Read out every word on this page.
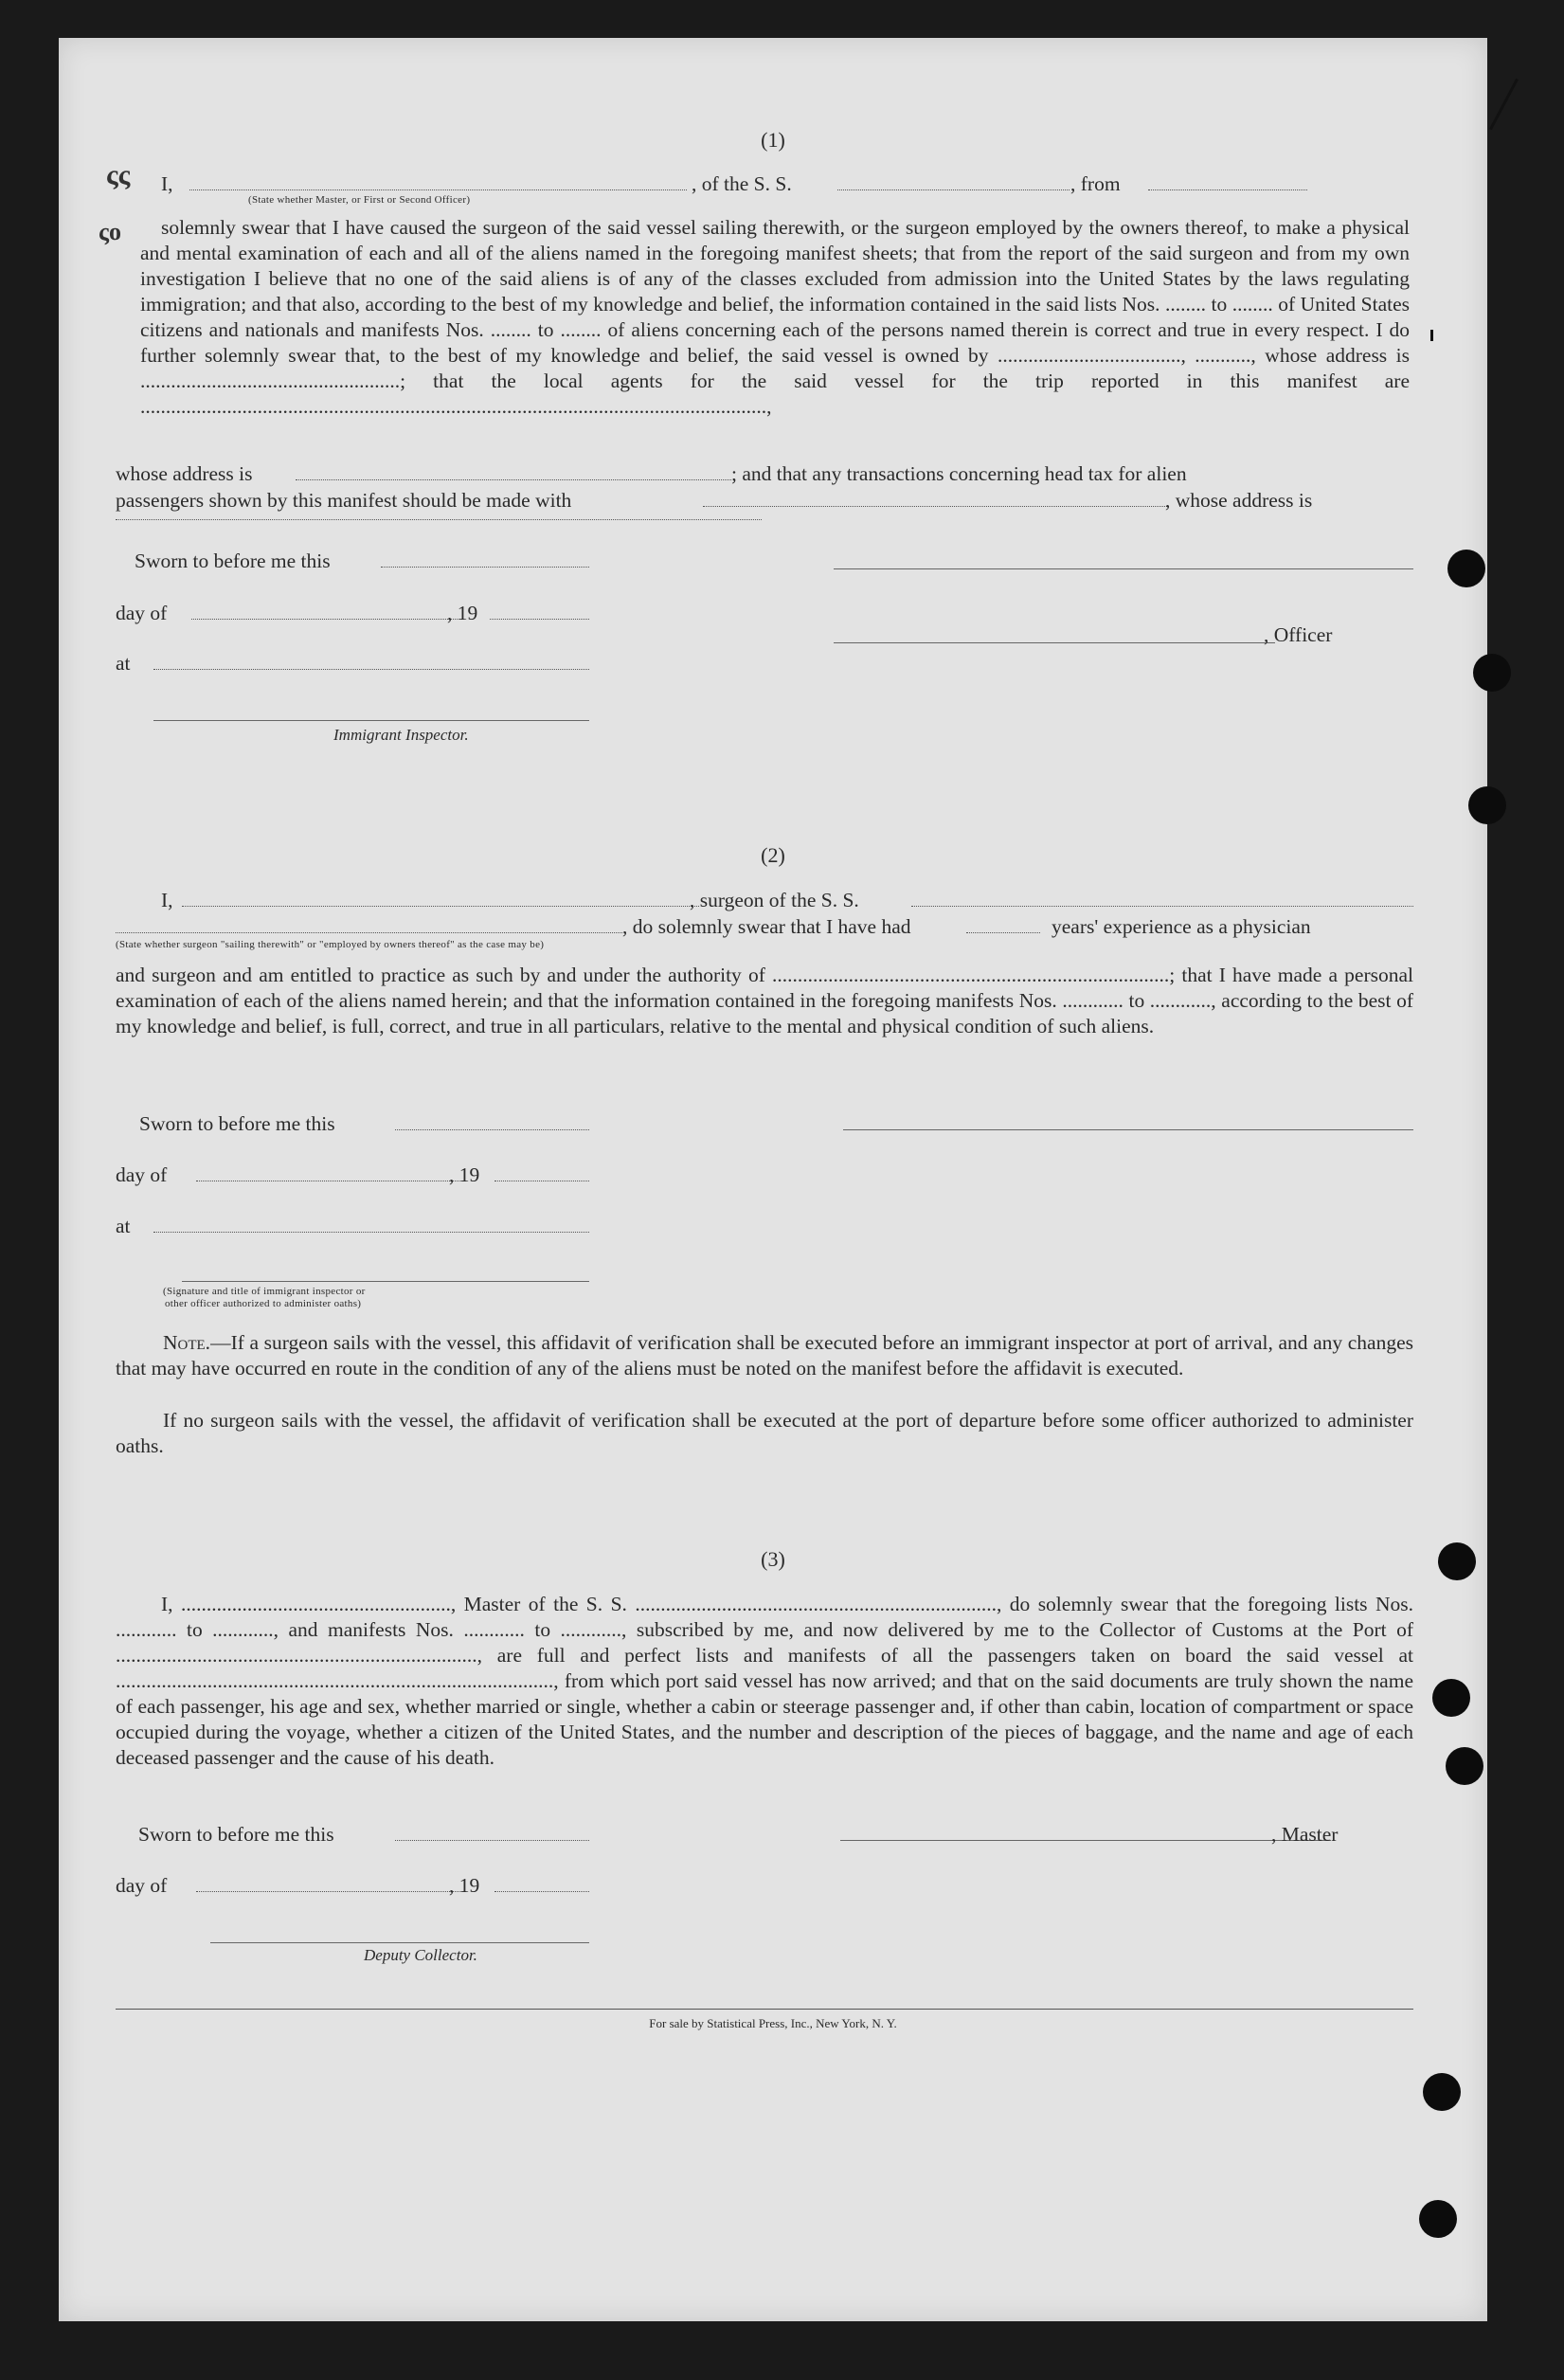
(1)
ςς
ςo
I,	, of the S. S.	, from
(State whether Master, or First or Second Officer)
solemnly swear that I have caused the surgeon of the said vessel sailing therewith, or the surgeon employed by the owners thereof, to make a physical and mental examination of each and all of the aliens named in the foregoing manifest sheets; that from the report of the said surgeon and from my own investigation I believe that no one of the said aliens is of any of the classes excluded from admission into the United States by the laws regulating immigration; and that also, according to the best of my knowledge and belief, the information contained in the said lists Nos. ........ to ........ of United States citizens and nationals and manifests Nos. ........ to ........ of aliens concerning each of the persons named therein is correct and true in every respect. I do further solemnly swear that, to the best of my knowledge and belief, the said vessel is owned by ...................................., ..........., whose address is ...................................................; that the local agents for the said vessel for the trip reported in this manifest are ...........................................................................................................................,
whose address is	; and that any transactions concerning head tax for alien
passengers shown by this manifest should be made with	, whose address is
Sworn to before me this
day of	, 19
, Officer
at
Immigrant Inspector.
(2)
I,	, surgeon of the S. S.
, do solemnly swear that I have had	years' experience as a physician
(State whether surgeon "sailing therewith" or "employed by owners thereof" as the case may be)
and surgeon and am entitled to practice as such by and under the authority of ..............................................................................; that I have made a personal examination of each of the aliens named herein; and that the information contained in the foregoing manifests Nos. ............ to ............, according to the best of my knowledge and belief, is full, correct, and true in all particulars, relative to the mental and physical condition of such aliens.
Sworn to before me this
day of	, 19
at
(Signature and title of immigrant inspector or
other officer authorized to administer oaths)
Note.—If a surgeon sails with the vessel, this affidavit of verification shall be executed before an immigrant inspector at port of arrival, and any changes that may have occurred en route in the condition of any of the aliens must be noted on the manifest before the affidavit is executed.
If no surgeon sails with the vessel, the affidavit of verification shall be executed at the port of departure before some officer authorized to administer oaths.
(3)
I, ....................................................., Master of the S. S. ......................................................................., do solemnly swear that the foregoing lists Nos. ............ to ............, and manifests Nos. ............ to ............, subscribed by me, and now delivered by me to the Collector of Customs at the Port of ......................................................................., are full and perfect lists and manifests of all the passengers taken on board the said vessel at ......................................................................................, from which port said vessel has now arrived; and that on the said documents are truly shown the name of each passenger, his age and sex, whether married or single, whether a cabin or steerage passenger and, if other than cabin, location of compartment or space occupied during the voyage, whether a citizen of the United States, and the number and description of the pieces of baggage, and the name and age of each deceased passenger and the cause of his death.
Sworn to before me this	, Master
day of	, 19
Deputy Collector.
For sale by Statistical Press, Inc., New York, N. Y.
